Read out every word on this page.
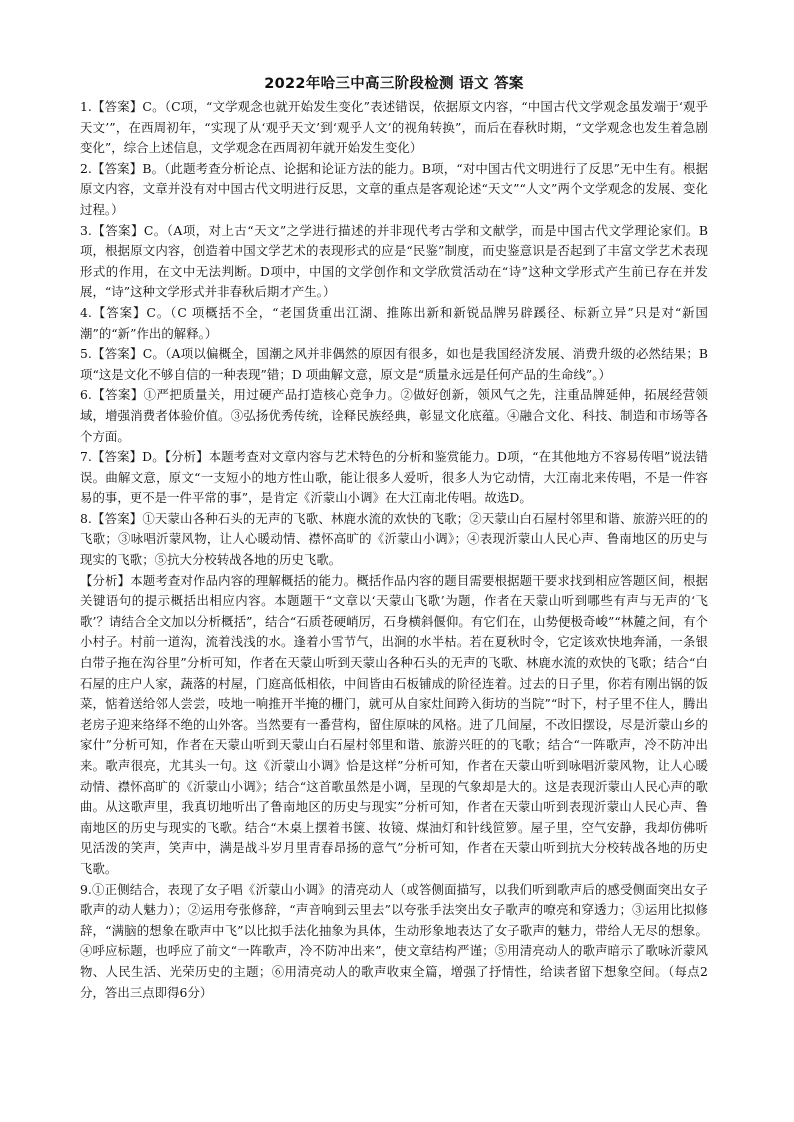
2022年哈三中高三阶段检测 语文 答案

1.【答案】C。（C项，“文学观念也就开始发生变化”表述错误，依据原文内容，“中国古代文学观念虽发端于‘观乎天文’”，在西周初年，“实现了从‘观乎天文’到‘观乎人文’的视角转换”，而后在春秋时期，“文学观念也发生着急剧变化”，综合上述信息，文学观念在西周初年就开始发生变化）

2.【答案】B。（此题考查分析论点、论据和论证方法的能力。B项，“对中国古代文明进行了反思”无中生有。根据原文内容，文章并没有对中国古代文明进行反思，文章的重点是客观论述“天文”“人文”两个文学观念的发展、变化过程。）

3.【答案】C。（A项，对上古“天文”之学进行描述的并非现代考古学和文献学，而是中国古代文学理论家们。B项，根据原文内容，创造着中国文学艺术的表现形式的应是“民鉴”制度，而史鉴意识是否起到了丰富文学艺术表现形式的作用，在文中无法判断。D项中，中国的文学创作和文学欣赏活动在“诗”这种文学形式产生前已存在并发展，“诗”这种文学形式并非春秋后期才产生。）

4.【答案】C。（C 项概括不全，“老国货重出江湖、推陈出新和新锐品牌另辟蹊径、标新立异”只是对“新国潮”的“新”作出的解释。）

5.【答案】C。（A项以偏概全，国潮之风并非偶然的原因有很多，如也是我国经济发展、消费升级的必然结果；B项“这是文化不够自信的一种表现”错；D 项曲解文意，原文是“质量永远是任何产品的生命线”。）

6.【答案】①严把质量关，用过硬产品打造核心竞争力。②做好创新，领风气之先，注重品牌延伸，拓展经营领域，增强消费者体验价值。③弘扬优秀传统，诠释民族经典，彰显文化底蕴。④融合文化、科技、制造和市场等各个方面。

7.【答案】D。【分析】本题考查对文章内容与艺术特色的分析和鉴赏能力。D项，“在其他地方不容易传唱”说法错误。曲解文意，原文“一支短小的地方性山歌，能让很多人爱听，很多人为它动情，大江南北来传唱，不是一件容易的事，更不是一件平常的事”，是肯定《沂蒙山小调》在大江南北传唱。故选D。

8.【答案】①天蒙山各种石头的无声的飞歌、林鹿水流的欢快的飞歌；②天蒙山白石屋村邻里和谐、旅游兴旺的的飞歌；③咏唱沂蒙风物，让人心暖动情、襟怀高旷的《沂蒙山小调》；④表现沂蒙山人民心声、鲁南地区的历史与现实的飞歌；⑤抗大分校转战各地的历史飞歌。

【分析】本题考查对作品内容的理解概括的能力。概括作品内容的题目需要根据题干要求找到相应答题区间，根据关键语句的提示概括出相应内容。本题题干“文章以‘天蒙山飞歌’为题，作者在天蒙山听到哪些有声与无声的‘飞歌’？请结合全文加以分析概括”，结合“石质苍硬峭厉，石身横斜偃仰。有它们在，山势便极奇峻”“林麓之间，有个小村子。村前一道沟，流着浅浅的水。逢着小雪节气，出涧的水半枯。若在夏秋时令，它定该欢快地奔涌，一条银白带子拖在沟谷里”分析可知，作者在天蒙山听到天蒙山各种石头的无声的飞歌、林鹿水流的欢快的飞歌；结合“白石屋的庄户人家，蔬落的村屋，门庭高低相依，中间皆由石板铺成的阶径连着。过去的日子里，你若有刚出锅的饭菜，惦着送给邻人尝尝，吱地一响推开半掩的栅门，就可从自家灶间跨入街坊的当院”“时下，村子里不住人，腾出老房子迎来络绎不绝的山外客。当然要有一番营构，留住原味的风格。进了几间屋，不改旧摆设，尽是沂蒙山乡的家什”分析可知，作者在天蒙山听到天蒙山白石屋村邻里和谐、旅游兴旺的的飞歌；结合“一阵歌声，冷不防冲出来。歌声很亮，尤其头一句。这《沂蒙山小调》恰是这样”分析可知，作者在天蒙山听到咏唱沂蒙风物，让人心暖动情、襟怀高旷的《沂蒙山小调》；结合“这首歌虽然是小调，呈现的气象却是大的。这是表现沂蒙山人民心声的歌曲。从这歌声里，我真切地听出了鲁南地区的历史与现实”分析可知，作者在天蒙山听到表现沂蒙山人民心声、鲁南地区的历史与现实的飞歌。结合“木桌上摆着书箧、妆镜、煤油灯和针线笸箩。屋子里，空气安静，我却仿佛听见活泼的笑声，笑声中，满是战斗岁月里青春昂扬的意气”分析可知，作者在天蒙山听到抗大分校转战各地的历史飞歌。

9.①正侧结合，表现了女子唱《沂蒙山小调》的清亮动人（或答侧面描写，以我们听到歌声后的感受侧面突出女子歌声的动人魅力）；②运用夸张修辞，“声音响到云里去”以夸张手法突出女子歌声的嘹亮和穿透力；③运用比拟修辞，“满脑的想象在歌声中飞”以比拟手法化抽象为具体，生动形象地表达了女子歌声的魅力，带给人无尽的想象。④呼应标题，也呼应了前文“一阵歌声，冷不防冲出来”，使文章结构严谨；⑤用清亮动人的歌声暗示了歌咏沂蒙风物、人民生活、光荣历史的主题；⑥用清亮动人的歌声收束全篇，增强了抒情性，给读者留下想象空间。（每点2分，答出三点即得6分）
